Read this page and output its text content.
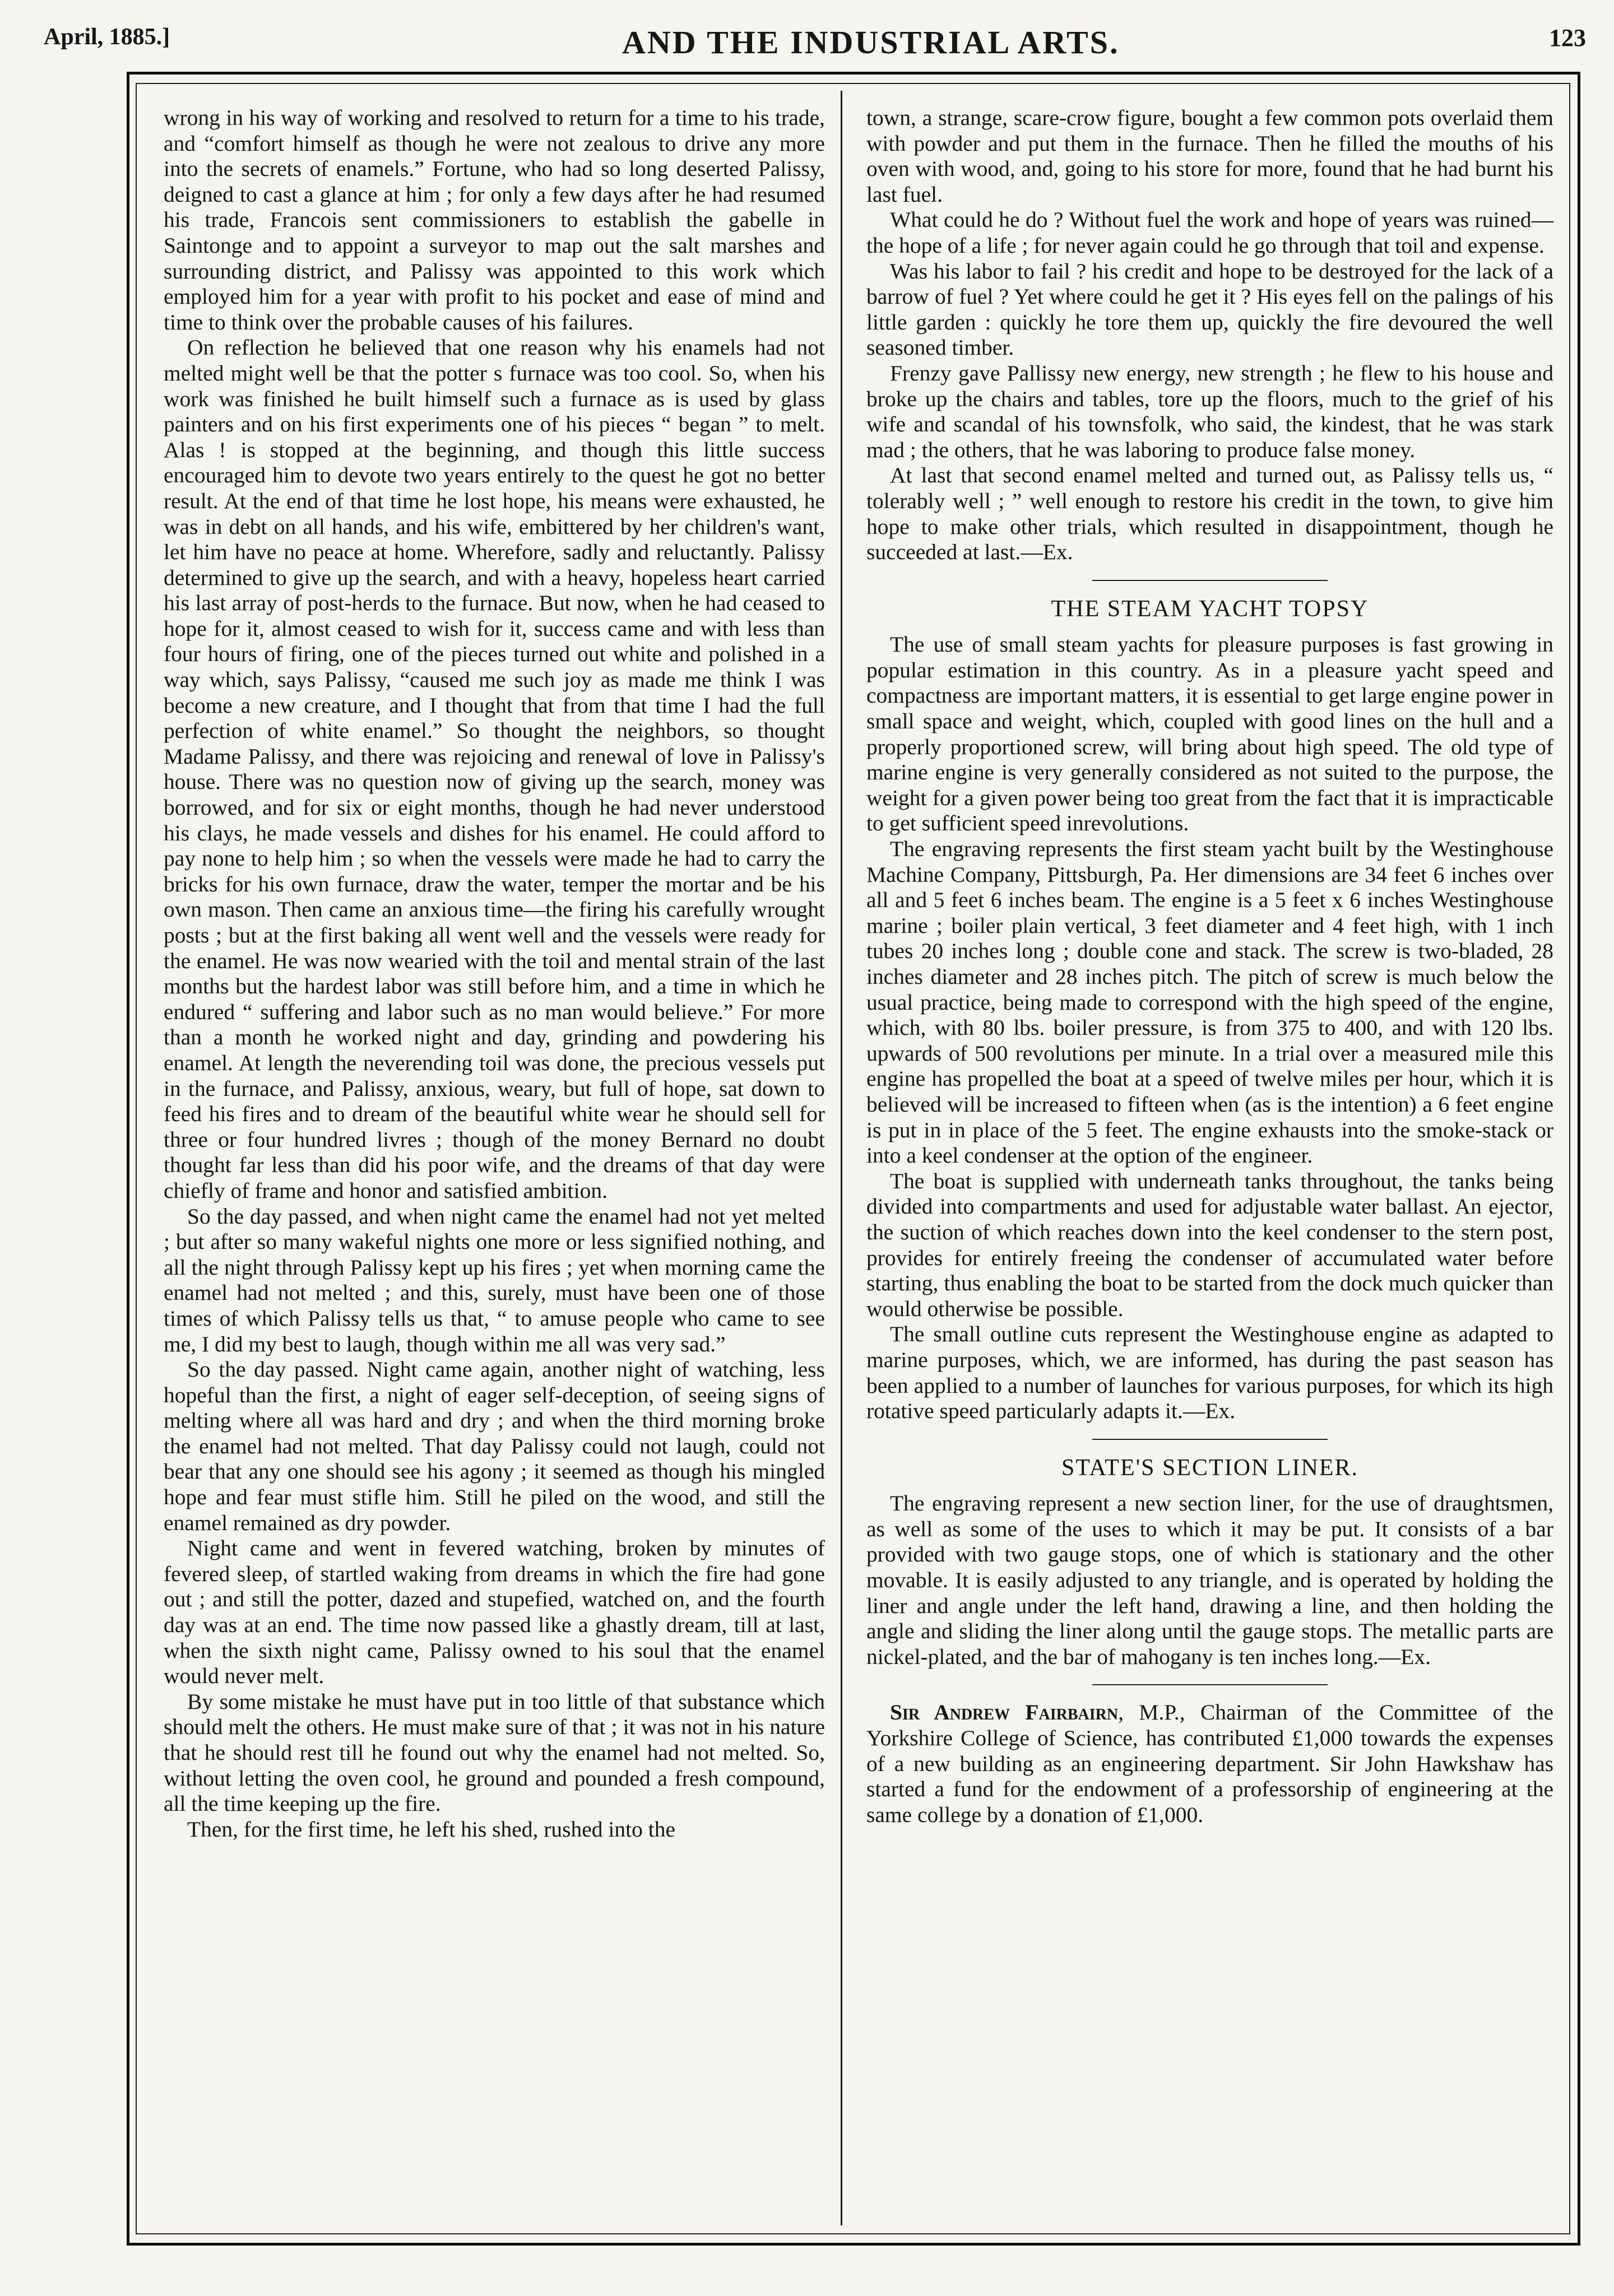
April, 1885.]	AND THE INDUSTRIAL ARTS.	123

wrong in his way of working and resolved to return for a time to his trade, and “comfort himself as though he were not zealous to drive any more into the secrets of enamels.” Fortune, who had so long deserted Palissy, deigned to cast a glance at him ; for only a few days after he had resumed his trade, Francois sent commissioners to establish the gabelle in Saintonge and to appoint a surveyor to map out the salt marshes and surrounding district, and Palissy was appointed to this work which employed him for a year with profit to his pocket and ease of mind and time to think over the probable causes of his failures.

On reflection he believed that one reason why his enamels had not melted might well be that the potter s furnace was too cool. So, when his work was finished he built himself such a furnace as is used by glass painters and on his first experiments one of his pieces “ began ” to melt. Alas ! is stopped at the beginning, and though this little success encouraged him to devote two years entirely to the quest he got no better result. At the end of that time he lost hope, his means were exhausted, he was in debt on all hands, and his wife, embittered by her children's want, let him have no peace at home. Wherefore, sadly and reluctantly. Palissy determined to give up the search, and with a heavy, hopeless heart carried his last array of post-herds to the furnace. But now, when he had ceased to hope for it, almost ceased to wish for it, success came and with less than four hours of firing, one of the pieces turned out white and polished in a way which, says Palissy, “caused me such joy as made me think I was become a new creature, and I thought that from that time I had the full perfection of white enamel.” So thought the neighbors, so thought Madame Palissy, and there was rejoicing and renewal of love in Palissy's house. There was no question now of giving up the search, money was borrowed, and for six or eight months, though he had never understood his clays, he made vessels and dishes for his enamel. He could afford to pay none to help him ; so when the vessels were made he had to carry the bricks for his own furnace, draw the water, temper the mortar and be his own mason. Then came an anxious time—the firing his carefully wrought posts ; but at the first baking all went well and the vessels were ready for the enamel. He was now wearied with the toil and mental strain of the last months but the hardest labor was still before him, and a time in which he endured “ suffering and labor such as no man would believe.” For more than a month he worked night and day, grinding and powdering his enamel. At length the neverending toil was done, the precious vessels put in the furnace, and Palissy, anxious, weary, but full of hope, sat down to feed his fires and to dream of the beautiful white wear he should sell for three or four hundred livres ; though of the money Bernard no doubt thought far less than did his poor wife, and the dreams of that day were chiefly of frame and honor and satisfied ambition.

So the day passed, and when night came the enamel had not yet melted ; but after so many wakeful nights one more or less signified nothing, and all the night through Palissy kept up his fires ; yet when morning came the enamel had not melted ; and this, surely, must have been one of those times of which Palissy tells us that, “ to amuse people who came to see me, I did my best to laugh, though within me all was very sad.”

So the day passed. Night came again, another night of watching, less hopeful than the first, a night of eager self-deception, of seeing signs of melting where all was hard and dry ; and when the third morning broke the enamel had not melted. That day Palissy could not laugh, could not bear that any one should see his agony ; it seemed as though his mingled hope and fear must stifle him. Still he piled on the wood, and still the enamel remained as dry powder.

Night came and went in fevered watching, broken by minutes of fevered sleep, of startled waking from dreams in which the fire had gone out ; and still the potter, dazed and stupefied, watched on, and the fourth day was at an end. The time now passed like a ghastly dream, till at last, when the sixth night came, Palissy owned to his soul that the enamel would never melt.

By some mistake he must have put in too little of that substance which should melt the others. He must make sure of that ; it was not in his nature that he should rest till he found out why the enamel had not melted. So, without letting the oven cool, he ground and pounded a fresh compound, all the time keeping up the fire.

Then, for the first time, he left his shed, rushed into the

town, a strange, scare-crow figure, bought a few common pots overlaid them with powder and put them in the furnace. Then he filled the mouths of his oven with wood, and, going to his store for more, found that he had burnt his last fuel.

What could he do ? Without fuel the work and hope of years was ruined—the hope of a life ; for never again could he go through that toil and expense.

Was his labor to fail ? his credit and hope to be destroyed for the lack of a barrow of fuel ? Yet where could he get it ? His eyes fell on the palings of his little garden : quickly he tore them up, quickly the fire devoured the well seasoned timber.

Frenzy gave Pallissy new energy, new strength ; he flew to his house and broke up the chairs and tables, tore up the floors, much to the grief of his wife and scandal of his townsfolk, who said, the kindest, that he was stark mad ; the others, that he was laboring to produce false money.

At last that second enamel melted and turned out, as Palissy tells us, “ tolerably well ; ” well enough to restore his credit in the town, to give him hope to make other trials, which resulted in disappointment, though he succeeded at last.—Ex.

THE STEAM YACHT TOPSY

The use of small steam yachts for pleasure purposes is fast growing in popular estimation in this country. As in a pleasure yacht speed and compactness are important matters, it is essential to get large engine power in small space and weight, which, coupled with good lines on the hull and a properly proportioned screw, will bring about high speed. The old type of marine engine is very generally considered as not suited to the purpose, the weight for a given power being too great from the fact that it is impracticable to get sufficient speed inrevolutions.

The engraving represents the first steam yacht built by the Westinghouse Machine Company, Pittsburgh, Pa. Her dimensions are 34 feet 6 inches over all and 5 feet 6 inches beam. The engine is a 5 feet x 6 inches Westinghouse marine ; boiler plain vertical, 3 feet diameter and 4 feet high, with 1 inch tubes 20 inches long ; double cone and stack. The screw is two-bladed, 28 inches diameter and 28 inches pitch. The pitch of screw is much below the usual practice, being made to correspond with the high speed of the engine, which, with 80 lbs. boiler pressure, is from 375 to 400, and with 120 lbs. upwards of 500 revolutions per minute. In a trial over a measured mile this engine has propelled the boat at a speed of twelve miles per hour, which it is believed will be increased to fifteen when (as is the intention) a 6 feet engine is put in in place of the 5 feet. The engine exhausts into the smoke-stack or into a keel condenser at the option of the engineer.

The boat is supplied with underneath tanks throughout, the tanks being divided into compartments and used for adjustable water ballast. An ejector, the suction of which reaches down into the keel condenser to the stern post, provides for entirely freeing the condenser of accumulated water before starting, thus enabling the boat to be started from the dock much quicker than would otherwise be possible.

The small outline cuts represent the Westinghouse engine as adapted to marine purposes, which, we are informed, has during the past season has been applied to a number of launches for various purposes, for which its high rotative speed particularly adapts it.—Ex.

STATE'S SECTION LINER.

The engraving represent a new section liner, for the use of draughtsmen, as well as some of the uses to which it may be put. It consists of a bar provided with two gauge stops, one of which is stationary and the other movable. It is easily adjusted to any triangle, and is operated by holding the liner and angle under the left hand, drawing a line, and then holding the angle and sliding the liner along until the gauge stops. The metallic parts are nickel-plated, and the bar of mahogany is ten inches long.—Ex.

Sir Andrew Fairbairn, M.P., Chairman of the Committee of the Yorkshire College of Science, has contributed £1,000 towards the expenses of a new building as an engineering department. Sir John Hawkshaw has started a fund for the endowment of a professorship of engineering at the same college by a donation of £1,000.
